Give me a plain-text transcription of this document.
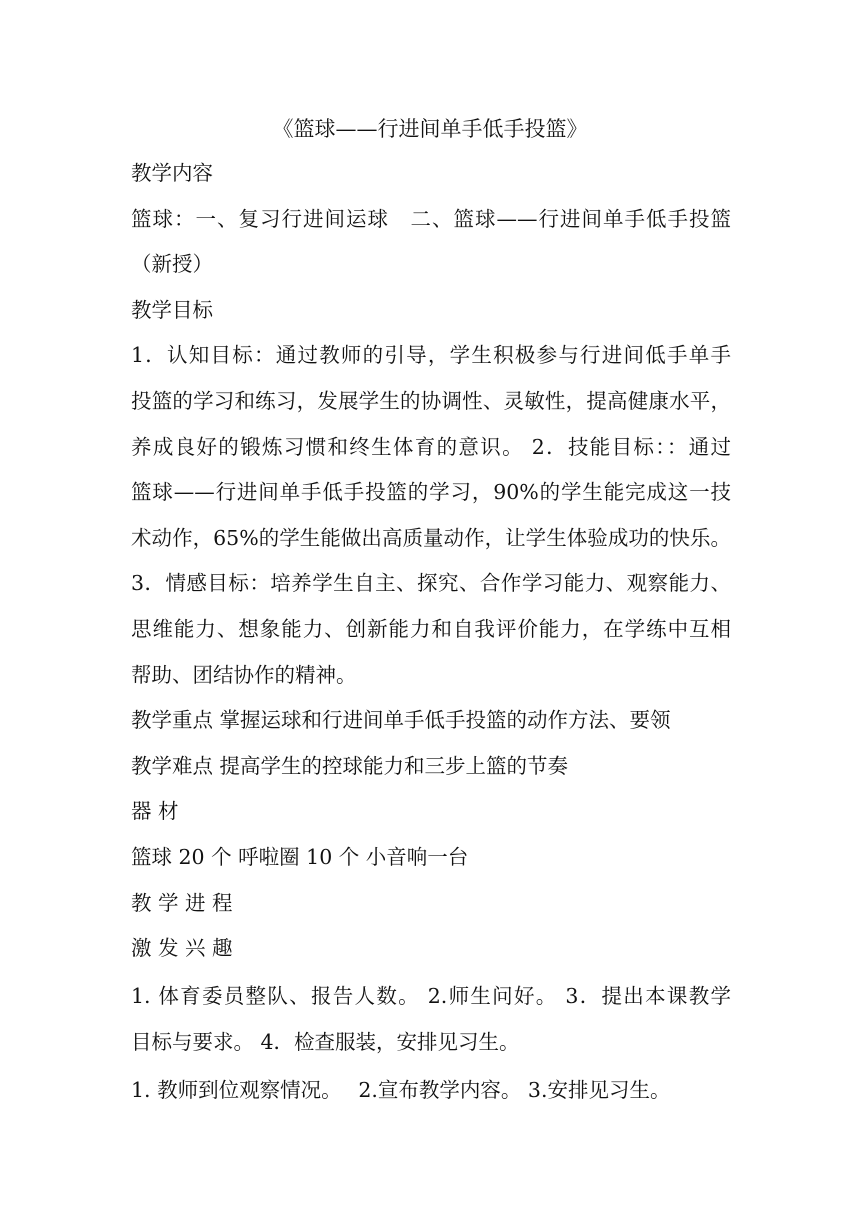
《篮球——行进间单手低手投篮》
教学内容
篮球：一、复习行进间运球　二、篮球——行进间单手低手投篮
（新授）
教学目标
1．认知目标：通过教师的引导，学生积极参与行进间低手单手
投篮的学习和练习，发展学生的协调性、灵敏性，提高健康水平，
养成良好的锻炼习惯和终生体育的意识。 2．技能目标：：通过
篮球——行进间单手低手投篮的学习，90%的学生能完成这一技
术动作，65%的学生能做出高质量动作，让学生体验成功的快乐。
3．情感目标：培养学生自主、探究、合作学习能力、观察能力、
思维能力、想象能力、创新能力和自我评价能力，在学练中互相
帮助、团结协作的精神。
教学重点 掌握运球和行进间单手低手投篮的动作方法、要领
教学难点 提高学生的控球能力和三步上篮的节奏
器 材
篮球 20 个 呼啦圈 10 个 小音响一台
教 学 进 程
激 发 兴 趣
1. 体育委员整队、报告人数。 2.师生问好。 3．提出本课教学
目标与要求。 4．检查服装，安排见习生。
1. 教师到位观察情况。　 2.宣布教学内容。 3.安排见习生。
